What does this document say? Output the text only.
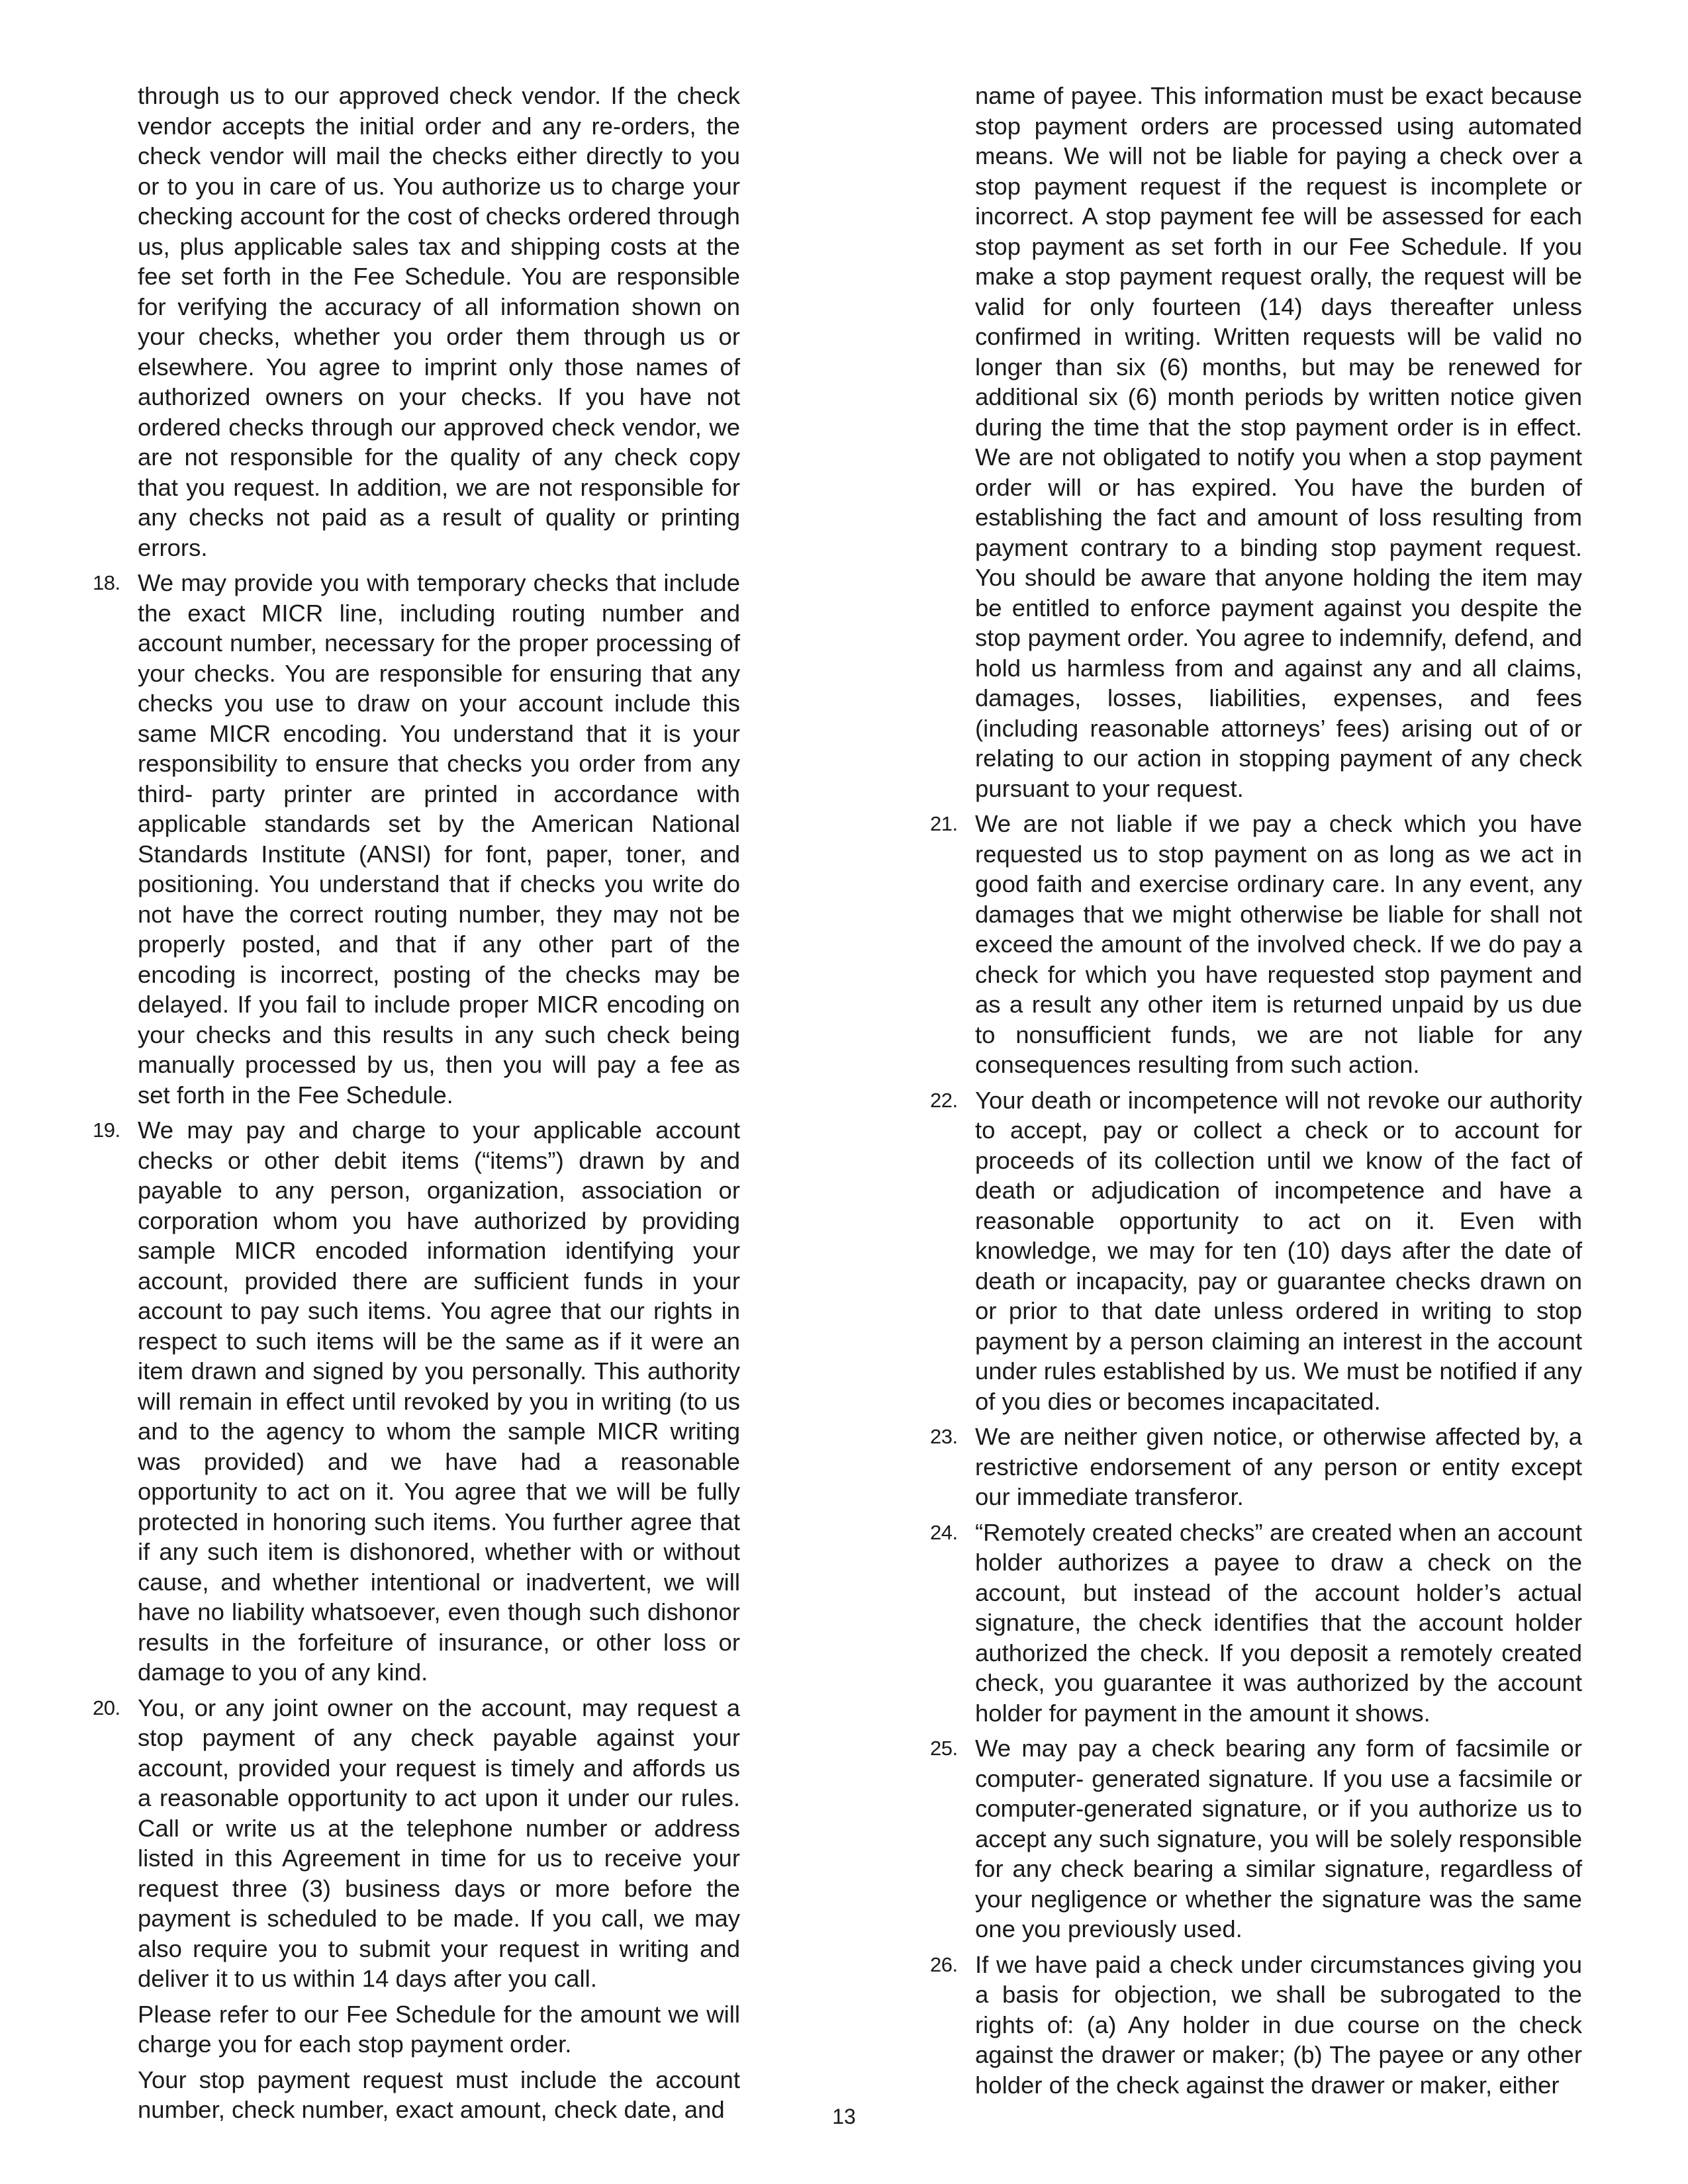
through us to our approved check vendor. If the check vendor accepts the initial order and any re-orders, the check vendor will mail the checks either directly to you or to you in care of us. You authorize us to charge your checking account for the cost of checks ordered through us, plus applicable sales tax and shipping costs at the fee set forth in the Fee Schedule. You are responsible for verifying the accuracy of all information shown on your checks, whether you order them through us or elsewhere. You agree to imprint only those names of authorized owners on your checks. If you have not ordered checks through our approved check vendor, we are not responsible for the quality of any check copy that you request. In addition, we are not responsible for any checks not paid as a result of quality or printing errors.

18. We may provide you with temporary checks that include the exact MICR line, including routing number and account number, necessary for the proper processing of your checks. You are responsible for ensuring that any checks you use to draw on your account include this same MICR encoding. You understand that it is your responsibility to ensure that checks you order from any third- party printer are printed in accordance with applicable standards set by the American National Standards Institute (ANSI) for font, paper, toner, and positioning. You understand that if checks you write do not have the correct routing number, they may not be properly posted, and that if any other part of the encoding is incorrect, posting of the checks may be delayed. If you fail to include proper MICR encoding on your checks and this results in any such check being manually processed by us, then you will pay a fee as set forth in the Fee Schedule.
19. We may pay and charge to your applicable account checks or other debit items (“items”) drawn by and payable to any person, organization, association or corporation whom you have authorized by providing sample MICR encoded information identifying your account, provided there are sufficient funds in your account to pay such items. You agree that our rights in respect to such items will be the same as if it were an item drawn and signed by you personally. This authority will remain in effect until revoked by you in writing (to us and to the agency to whom the sample MICR writing was provided) and we have had a reasonable opportunity to act on it. You agree that we will be fully protected in honoring such items. You further agree that if any such item is dishonored, whether with or without cause, and whether intentional or inadvertent, we will have no liability whatsoever, even though such dishonor results in the forfeiture of insurance, or other loss or damage to you of any kind.
20. You, or any joint owner on the account, may request a stop payment of any check payable against your account, provided your request is timely and affords us a reasonable opportunity to act upon it under our rules. Call or write us at the telephone number or address listed in this Agreement in time for us to receive your request three (3) business days or more before the payment is scheduled to be made. If you call, we may also require you to submit your request in writing and deliver it to us within 14 days after you call.

Please refer to our Fee Schedule for the amount we will charge you for each stop payment order.

Your stop payment request must include the account number, check number, exact amount, check date, and

name of payee. This information must be exact because stop payment orders are processed using automated means. We will not be liable for paying a check over a stop payment request if the request is incomplete or incorrect. A stop payment fee will be assessed for each stop payment as set forth in our Fee Schedule. If you make a stop payment request orally, the request will be valid for only fourteen (14) days thereafter unless confirmed in writing. Written requests will be valid no longer than six (6) months, but may be renewed for additional six (6) month periods by written notice given during the time that the stop payment order is in effect. We are not obligated to notify you when a stop payment order will or has expired. You have the burden of establishing the fact and amount of loss resulting from payment contrary to a binding stop payment request. You should be aware that anyone holding the item may be entitled to enforce payment against you despite the stop payment order. You agree to indemnify, defend, and hold us harmless from and against any and all claims, damages, losses, liabilities, expenses, and fees (including reasonable attorneys’ fees) arising out of or relating to our action in stopping payment of any check pursuant to your request.

21. We are not liable if we pay a check which you have requested us to stop payment on as long as we act in good faith and exercise ordinary care. In any event, any damages that we might otherwise be liable for shall not exceed the amount of the involved check. If we do pay a check for which you have requested stop payment and as a result any other item is returned unpaid by us due to nonsufficient funds, we are not liable for any consequences resulting from such action.
22. Your death or incompetence will not revoke our authority to accept, pay or collect a check or to account for proceeds of its collection until we know of the fact of death or adjudication of incompetence and have a reasonable opportunity to act on it. Even with knowledge, we may for ten (10) days after the date of death or incapacity, pay or guarantee checks drawn on or prior to that date unless ordered in writing to stop payment by a person claiming an interest in the account under rules established by us. We must be notified if any of you dies or becomes incapacitated.
23. We are neither given notice, or otherwise affected by, a restrictive endorsement of any person or entity except our immediate transferor.
24. “Remotely created checks” are created when an account holder authorizes a payee to draw a check on the account, but instead of the account holder’s actual signature, the check identifies that the account holder authorized the check. If you deposit a remotely created check, you guarantee it was authorized by the account holder for payment in the amount it shows.
25. We may pay a check bearing any form of facsimile or computer- generated signature. If you use a facsimile or computer-generated signature, or if you authorize us to accept any such signature, you will be solely responsible for any check bearing a similar signature, regardless of your negligence or whether the signature was the same one you previously used.
26. If we have paid a check under circumstances giving you a basis for objection, we shall be subrogated to the rights of: (a) Any holder in due course on the check against the drawer or maker; (b) The payee or any other holder of the check against the drawer or maker, either
13
